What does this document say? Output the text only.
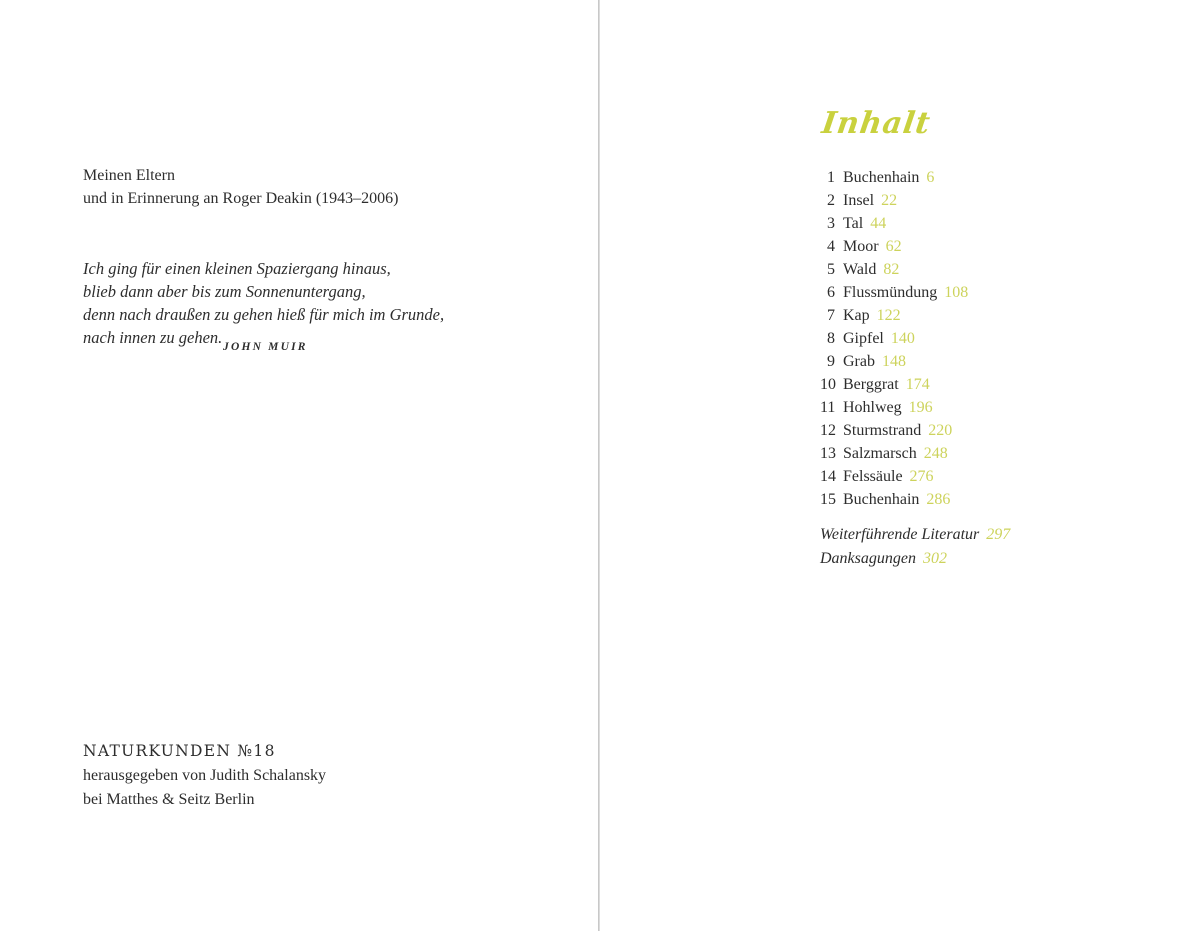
Meinen Eltern
und in Erinnerung an Roger Deakin (1943–2006)
Ich ging für einen kleinen Spaziergang hinaus,
blieb dann aber bis zum Sonnenuntergang,
denn nach draußen zu gehen hieß für mich im Grunde,
nach innen zu gehen. JOHN MUIR
NATURKUNDEN №18
herausgegeben von Judith Schalansky
bei Matthes & Seitz Berlin
Inhalt
1 Buchenhain 6
2 Insel 22
3 Tal 44
4 Moor 62
5 Wald 82
6 Flussmündung 108
7 Kap 122
8 Gipfel 140
9 Grab 148
10 Berggrat 174
11 Hohlweg 196
12 Sturmstrand 220
13 Salzmarsch 248
14 Felssäule 276
15 Buchenhain 286
Weiterführende Literatur 297
Danksagungen 302
